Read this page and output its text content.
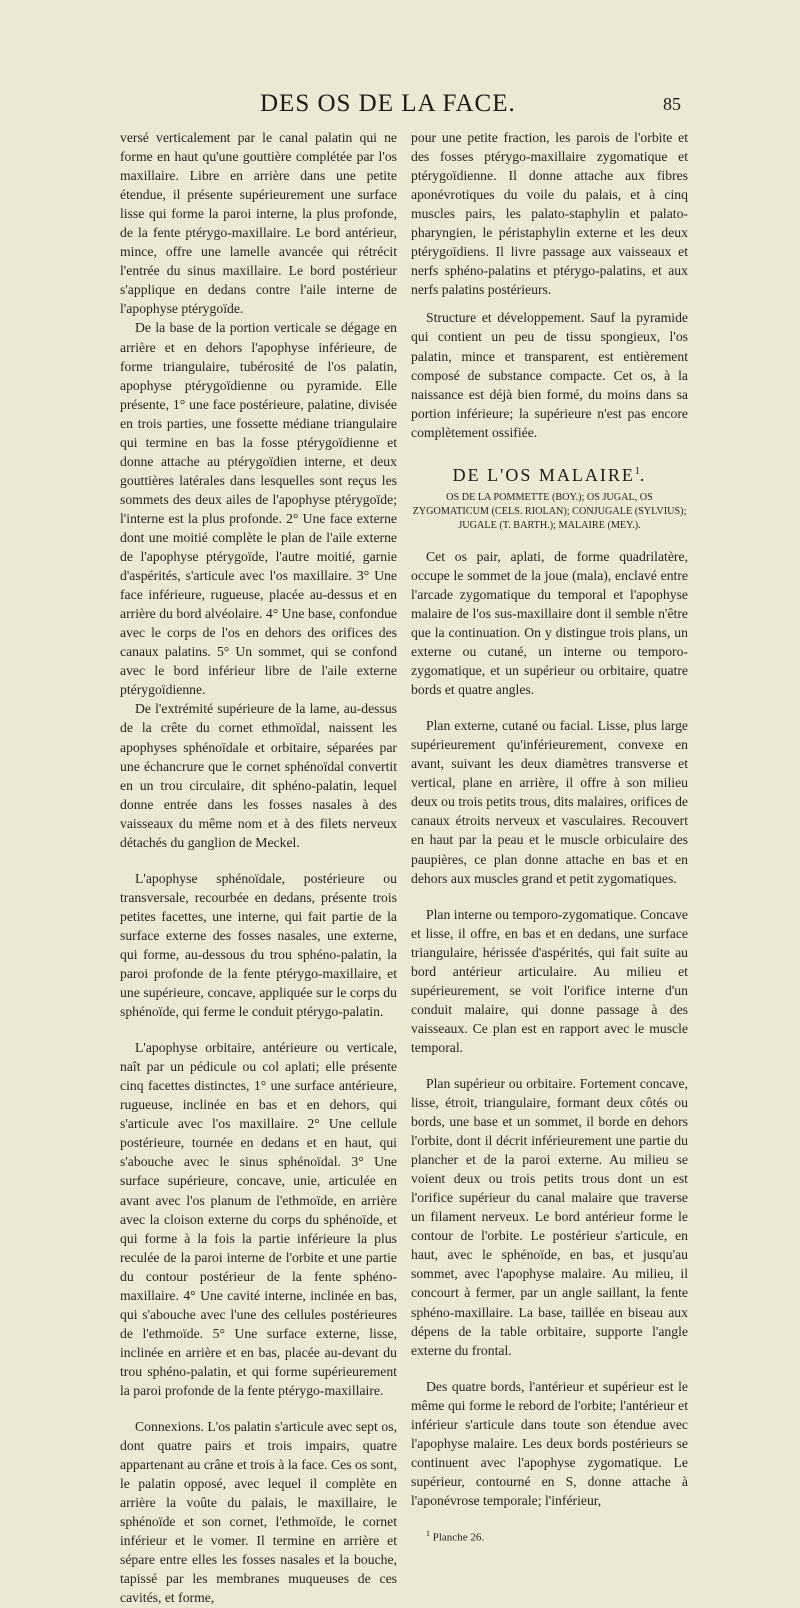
DES OS DE LA FACE.	85

versé verticalement par le canal palatin qui ne forme en haut qu'une gouttière complétée par l'os maxillaire. Libre en arrière dans une petite étendue, il présente supérieurement une surface lisse qui forme la paroi interne, la plus profonde, de la fente ptérygo-maxillaire. Le bord antérieur, mince, offre une lamelle avancée qui rétrécit l'entrée du sinus maxillaire. Le bord postérieur s'applique en dedans contre l'aile interne de l'apophyse ptérygoïde.

De la base de la portion verticale se dégage en arrière et en dehors l'apophyse inférieure, de forme triangulaire, tubérosité de l'os palatin, apophyse ptérygoïdienne ou pyramide. Elle présente, 1° une face postérieure, palatine, divisée en trois parties, une fossette médiane triangulaire qui termine en bas la fosse ptérygoïdienne et donne attache au ptérygoïdien interne, et deux gouttières latérales dans lesquelles sont reçus les sommets des deux ailes de l'apophyse ptérygoïde; l'interne est la plus profonde. 2° Une face externe dont une moitié complète le plan de l'aile externe de l'apophyse ptérygoïde, l'autre moitié, garnie d'aspérités, s'articule avec l'os maxillaire. 3° Une face inférieure, rugueuse, placée au-dessus et en arrière du bord alvéolaire. 4° Une base, confondue avec le corps de l'os en dehors des orifices des canaux palatins. 5° Un sommet, qui se confond avec le bord inférieur libre de l'aile externe ptérygoïdienne.

De l'extrémité supérieure de la lame, au-dessus de la crête du cornet ethmoïdal, naissent les apophyses sphénoïdale et orbitaire, séparées par une échancrure que le cornet sphénoïdal convertit en un trou circulaire, dit sphéno-palatin, lequel donne entrée dans les fosses nasales à des vaisseaux du même nom et à des filets nerveux détachés du ganglion de Meckel.

L'apophyse sphénoïdale, postérieure ou transversale, recourbée en dedans, présente trois petites facettes, une interne, qui fait partie de la surface externe des fosses nasales, une externe, qui forme, au-dessous du trou sphéno-palatin, la paroi profonde de la fente ptérygo-maxillaire, et une supérieure, concave, appliquée sur le corps du sphénoïde, qui ferme le conduit ptérygo-palatin.

L'apophyse orbitaire, antérieure ou verticale, naît par un pédicule ou col aplati; elle présente cinq facettes distinctes, 1° une surface antérieure, rugueuse, inclinée en bas et en dehors, qui s'articule avec l'os maxillaire. 2° Une cellule postérieure, tournée en dedans et en haut, qui s'abouche avec le sinus sphénoïdal. 3° Une surface supérieure, concave, unie, articulée en avant avec l'os planum de l'ethmoïde, en arrière avec la cloison externe du corps du sphénoïde, et qui forme à la fois la partie inférieure la plus reculée de la paroi interne de l'orbite et une partie du contour postérieur de la fente sphéno-maxillaire. 4° Une cavité interne, inclinée en bas, qui s'abouche avec l'une des cellules postérieures de l'ethmoïde. 5° Une surface externe, lisse, inclinée en arrière et en bas, placée au-devant du trou sphéno-palatin, et qui forme supérieurement la paroi profonde de la fente ptérygo-maxillaire.

Connexions. L'os palatin s'articule avec sept os, dont quatre pairs et trois impairs, quatre appartenant au crâne et trois à la face. Ces os sont, le palatin opposé, avec lequel il complète en arrière la voûte du palais, le maxillaire, le sphénoïde et son cornet, l'ethmoïde, le cornet inférieur et le vomer. Il termine en arrière et sépare entre elles les fosses nasales et la bouche, tapissé par les membranes muqueuses de ces cavités, et forme,

pour une petite fraction, les parois de l'orbite et des fosses ptérygo-maxillaire zygomatique et ptérygoïdienne. Il donne attache aux fibres aponévrotiques du voile du palais, et à cinq muscles pairs, les palato-staphylin et palato-pharyngien, le péristaphylin externe et les deux ptérygoïdiens. Il livre passage aux vaisseaux et nerfs sphéno-palatins et ptérygo-palatins, et aux nerfs palatins postérieurs.

Structure et développement. Sauf la pyramide qui contient un peu de tissu spongieux, l'os palatin, mince et transparent, est entièrement composé de substance compacte. Cet os, à la naissance est déjà bien formé, du moins dans sa portion inférieure; la supérieure n'est pas encore complètement ossifiée.

DE L'OS MALAIRE$^1$.
OS DE LA POMMETTE (BOY.); OS JUGAL, OS ZYGOMATICUM (CELS. RIOLAN); CONJUGALE (SYLVIUS); JUGALE (T. BARTH.); MALAIRE (MEY.).

Cet os pair, aplati, de forme quadrilatère, occupe le sommet de la joue (mala), enclavé entre l'arcade zygomatique du temporal et l'apophyse malaire de l'os sus-maxillaire dont il semble n'être que la continuation. On y distingue trois plans, un externe ou cutané, un interne ou temporo-zygomatique, et un supérieur ou orbitaire, quatre bords et quatre angles.

Plan externe, cutané ou facial. Lisse, plus large supérieurement qu'inférieurement, convexe en avant, suivant les deux diamètres transverse et vertical, plane en arrière, il offre à son milieu deux ou trois petits trous, dits malaires, orifices de canaux étroits nerveux et vasculaires. Recouvert en haut par la peau et le muscle orbiculaire des paupières, ce plan donne attache en bas et en dehors aux muscles grand et petit zygomatiques.

Plan interne ou temporo-zygomatique. Concave et lisse, il offre, en bas et en dedans, une surface triangulaire, hérissée d'aspérités, qui fait suite au bord antérieur articulaire. Au milieu et supérieurement, se voit l'orifice interne d'un conduit malaire, qui donne passage à des vaisseaux. Ce plan est en rapport avec le muscle temporal.

Plan supérieur ou orbitaire. Fortement concave, lisse, étroit, triangulaire, formant deux côtés ou bords, une base et un sommet, il borde en dehors l'orbite, dont il décrit inférieurement une partie du plancher et de la paroi externe. Au milieu se voient deux ou trois petits trous dont un est l'orifice supérieur du canal malaire que traverse un filament nerveux. Le bord antérieur forme le contour de l'orbite. Le postérieur s'articule, en haut, avec le sphénoïde, en bas, et jusqu'au sommet, avec l'apophyse malaire. Au milieu, il concourt à fermer, par un angle saillant, la fente sphéno-maxillaire. La base, taillée en biseau aux dépens de la table orbitaire, supporte l'angle externe du frontal.

Des quatre bords, l'antérieur et supérieur est le même qui forme le rebord de l'orbite; l'antérieur et inférieur s'articule dans toute son étendue avec l'apophyse malaire. Les deux bords postérieurs se continuent avec l'apophyse zygomatique. Le supérieur, contourné en S, donne attache à l'aponévrose temporale; l'inférieur,

$^1$ Planche 26.
